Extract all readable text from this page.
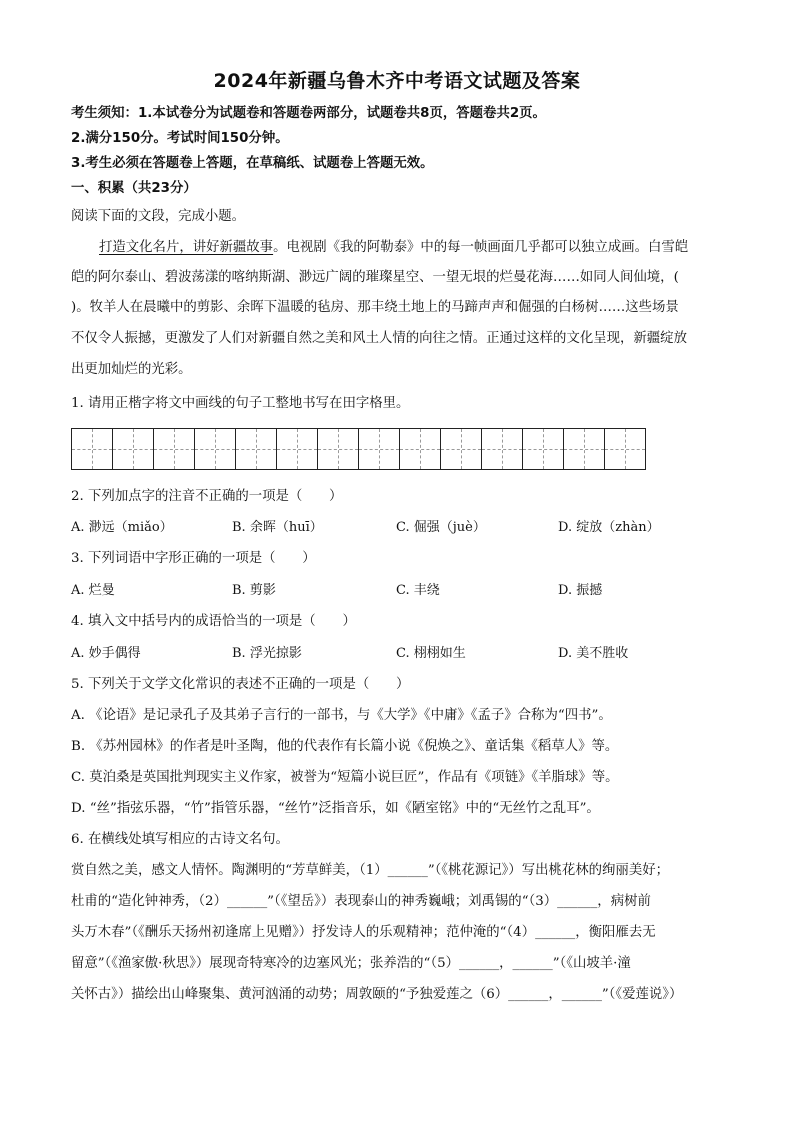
2024年新疆乌鲁木齐中考语文试题及答案
考生须知：1.本试卷分为试题卷和答题卷两部分，试题卷共8页，答题卷共2页。
2.满分150分。考试时间150分钟。
3.考生必须在答题卷上答题，在草稿纸、试题卷上答题无效。
一、积累（共23分）
阅读下面的文段，完成小题。
打造文化名片，讲好新疆故事。电视剧《我的阿勒泰》中的每一帧画面几乎都可以独立成画。白雪皑
皑的阿尔泰山、碧波荡漾的喀纳斯湖、渺远广阔的璀璨星空、一望无垠的烂曼花海……如同人间仙境，(
)。牧羊人在晨曦中的剪影、余晖下温暖的毡房、那丰绕土地上的马蹄声声和倔强的白杨树……这些场景
不仅令人振撼，更激发了人们对新疆自然之美和风土人情的向往之情。正通过这样的文化呈现，新疆绽放
出更加灿烂的光彩。
1. 请用正楷字将文中画线的句子工整地书写在田字格里。
2. 下列加点字的注音不正确的一项是（　　）
A. 渺远（miǎo）	B. 余晖（huī）	C. 倔强（juè）	D. 绽放（zhàn）
3. 下列词语中字形正确的一项是（　　）
A. 烂曼	B. 剪影	C. 丰绕	D. 振撼
4. 填入文中括号内的成语恰当的一项是（　　）
A. 妙手偶得	B. 浮光掠影	C. 栩栩如生	D. 美不胜收
5. 下列关于文学文化常识的表述不正确的一项是（　　）
A. 《论语》是记录孔子及其弟子言行的一部书，与《大学》《中庸》《孟子》合称为“四书”。
B. 《苏州园林》的作者是叶圣陶，他的代表作有长篇小说《倪焕之》、童话集《稻草人》等。
C. 莫泊桑是英国批判现实主义作家，被誉为“短篇小说巨匠”，作品有《项链》《羊脂球》等。
D. “丝”指弦乐器，“竹”指管乐器，“丝竹”泛指音乐，如《陋室铭》中的“无丝竹之乱耳”。
6. 在横线处填写相应的古诗文名句。
赏自然之美，感文人情怀。陶渊明的“芳草鲜美，（1）______”（《桃花源记》）写出桃花林的绚丽美好；
杜甫的“造化钟神秀，（2）______”（《望岳》）表现泰山的神秀巍峨；刘禹锡的“（3）______，病树前
头万木春”（《酬乐天扬州初逢席上见赠》）抒发诗人的乐观精神；范仲淹的“（4）______，衡阳雁去无
留意”（《渔家傲·秋思》）展现奇特寒冷的边塞风光；张养浩的“（5）______，______”（《山坡羊·潼
关怀古》）描绘出山峰聚集、黄河汹涌的动势；周敦颐的“予独爱莲之（6）______，______”（《爱莲说》）
